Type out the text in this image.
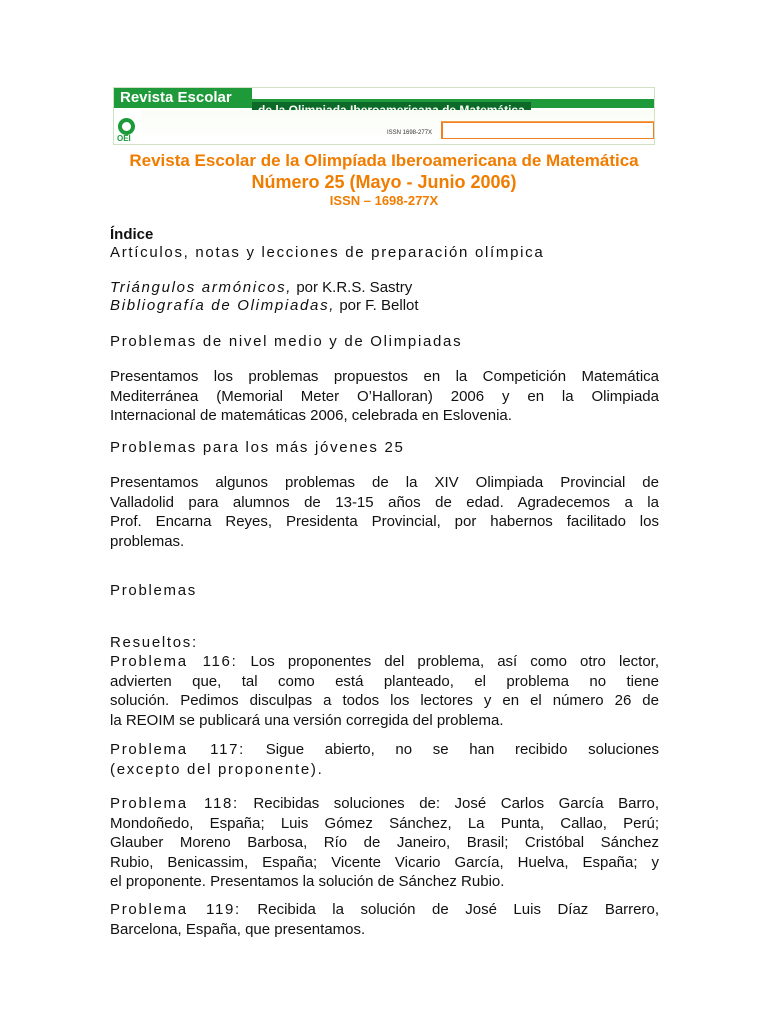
Revista Escolar
OEI
ISSN 1698-277X
Revista Escolar de la Olimpíada Iberoamericana de Matemática
Número 25 (Mayo - Junio 2006)
ISSN – 1698-277X
Índice
Artículos, notas y lecciones de preparación olímpica
Triángulos armónicos, por K.R.S. Sastry
Bibliografía de Olimpiadas, por F. Bellot
Problemas de nivel medio y de Olimpiadas
Presentamos los problemas propuestos en la Competición Matemática
Mediterránea (Memorial Meter O’Halloran) 2006 y en la Olimpiada
Internacional de matemáticas 2006, celebrada en Eslovenia.
Problemas para los más jóvenes 25
Presentamos algunos problemas de la XIV Olimpiada Provincial de
Valladolid para alumnos de 13-15 años de edad. Agradecemos a la
Prof. Encarna Reyes, Presidenta Provincial, por habernos facilitado los
problemas.
Problemas
Resueltos:
Problema 116: Los proponentes del problema, así como otro lector,
advierten que, tal como está planteado, el problema no tiene
solución. Pedimos disculpas a todos los lectores y en el número 26 de
la REOIM se publicará una versión corregida del problema.
Problema 117: Sigue abierto, no se han recibido soluciones
(excepto del proponente).
Problema 118: Recibidas soluciones de: José Carlos García Barro,
Mondoñedo, España; Luis Gómez Sánchez, La Punta, Callao, Perú;
Glauber Moreno Barbosa, Río de Janeiro, Brasil; Cristóbal Sánchez
Rubio, Benicassim, España; Vicente Vicario García, Huelva, España; y
el proponente. Presentamos la solución de Sánchez Rubio.
Problema 119: Recibida la solución de José Luis Díaz Barrero,
Barcelona, España, que presentamos.
